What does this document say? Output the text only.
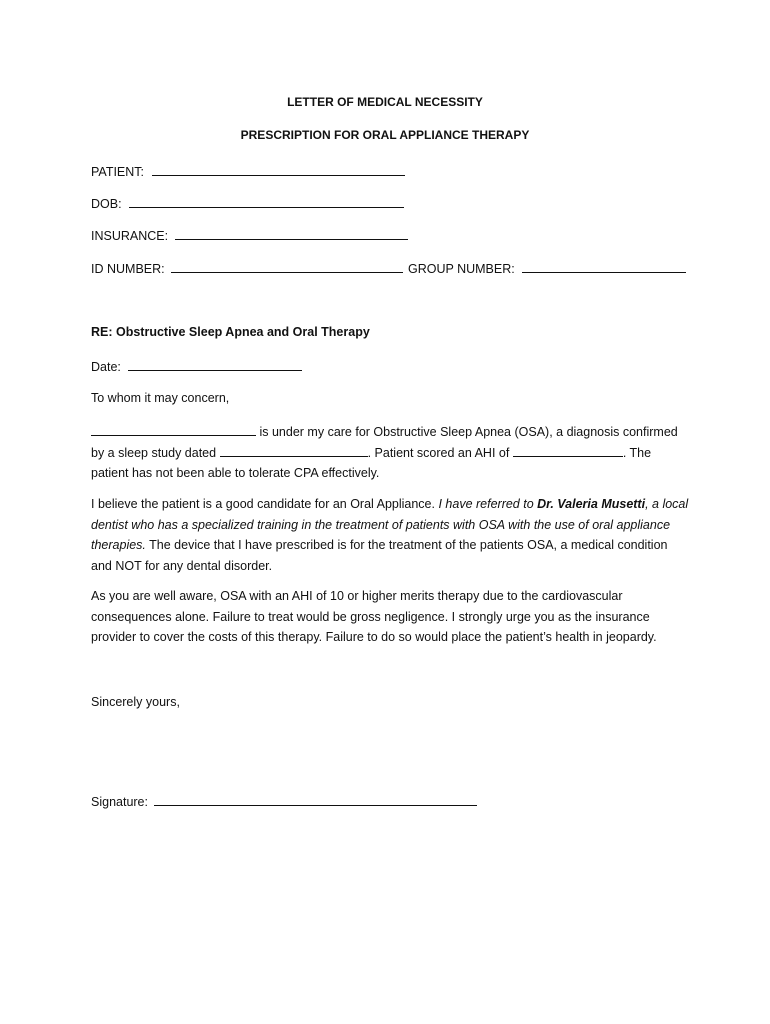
LETTER OF MEDICAL NECESSITY
PRESCRIPTION FOR ORAL APPLIANCE THERAPY
PATIENT:
DOB:
INSURANCE:
ID NUMBER:	GROUP NUMBER:
RE: Obstructive Sleep Apnea and Oral Therapy
Date:
To whom it may concern,
is under my care for Obstructive Sleep Apnea (OSA), a diagnosis confirmed
by a sleep study dated	. Patient scored an AHI of	. The
patient has not been able to tolerate CPA effectively.
I believe the patient is a good candidate for an Oral Appliance. I have referred to Dr. Valeria Musetti, a local dentist who has a specialized training in the treatment of patients with OSA with the use of oral appliance therapies. The device that I have prescribed is for the treatment of the patients OSA, a medical condition and NOT for any dental disorder.
As you are well aware, OSA with an AHI of 10 or higher merits therapy due to the cardiovascular consequences alone. Failure to treat would be gross negligence. I strongly urge you as the insurance provider to cover the costs of this therapy. Failure to do so would place the patient’s health in jeopardy.
Sincerely yours,
Signature:
